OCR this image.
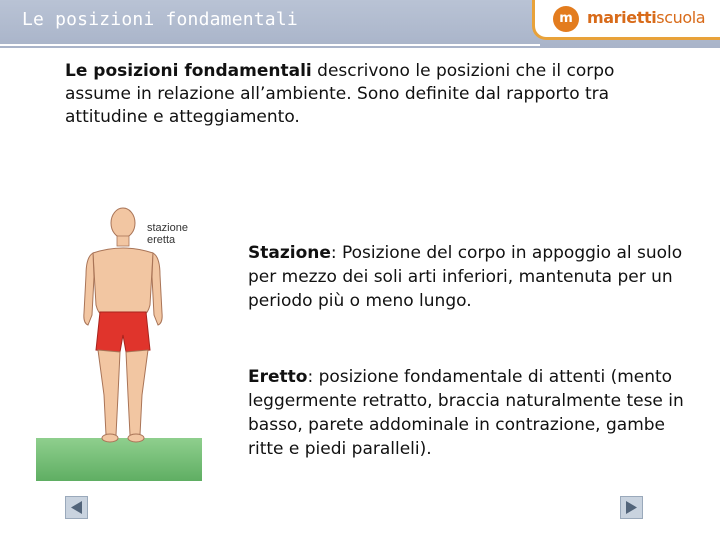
Le posizioni fondamentali	m mariettiscuola
Le posizioni fondamentali descrivono le posizioni che il corpo assume in relazione all’ambiente. Sono definite dal rapporto tra attitudine e atteggiamento.
stazione
eretta
Stazione: Posizione del corpo in appoggio al suolo per mezzo dei soli arti inferiori, mantenuta per un periodo più o meno lungo.
Eretto: posizione fondamentale di attenti (mento leggermente retratto, braccia naturalmente tese in basso, parete addominale in contrazione, gambe ritte e piedi paralleli).
